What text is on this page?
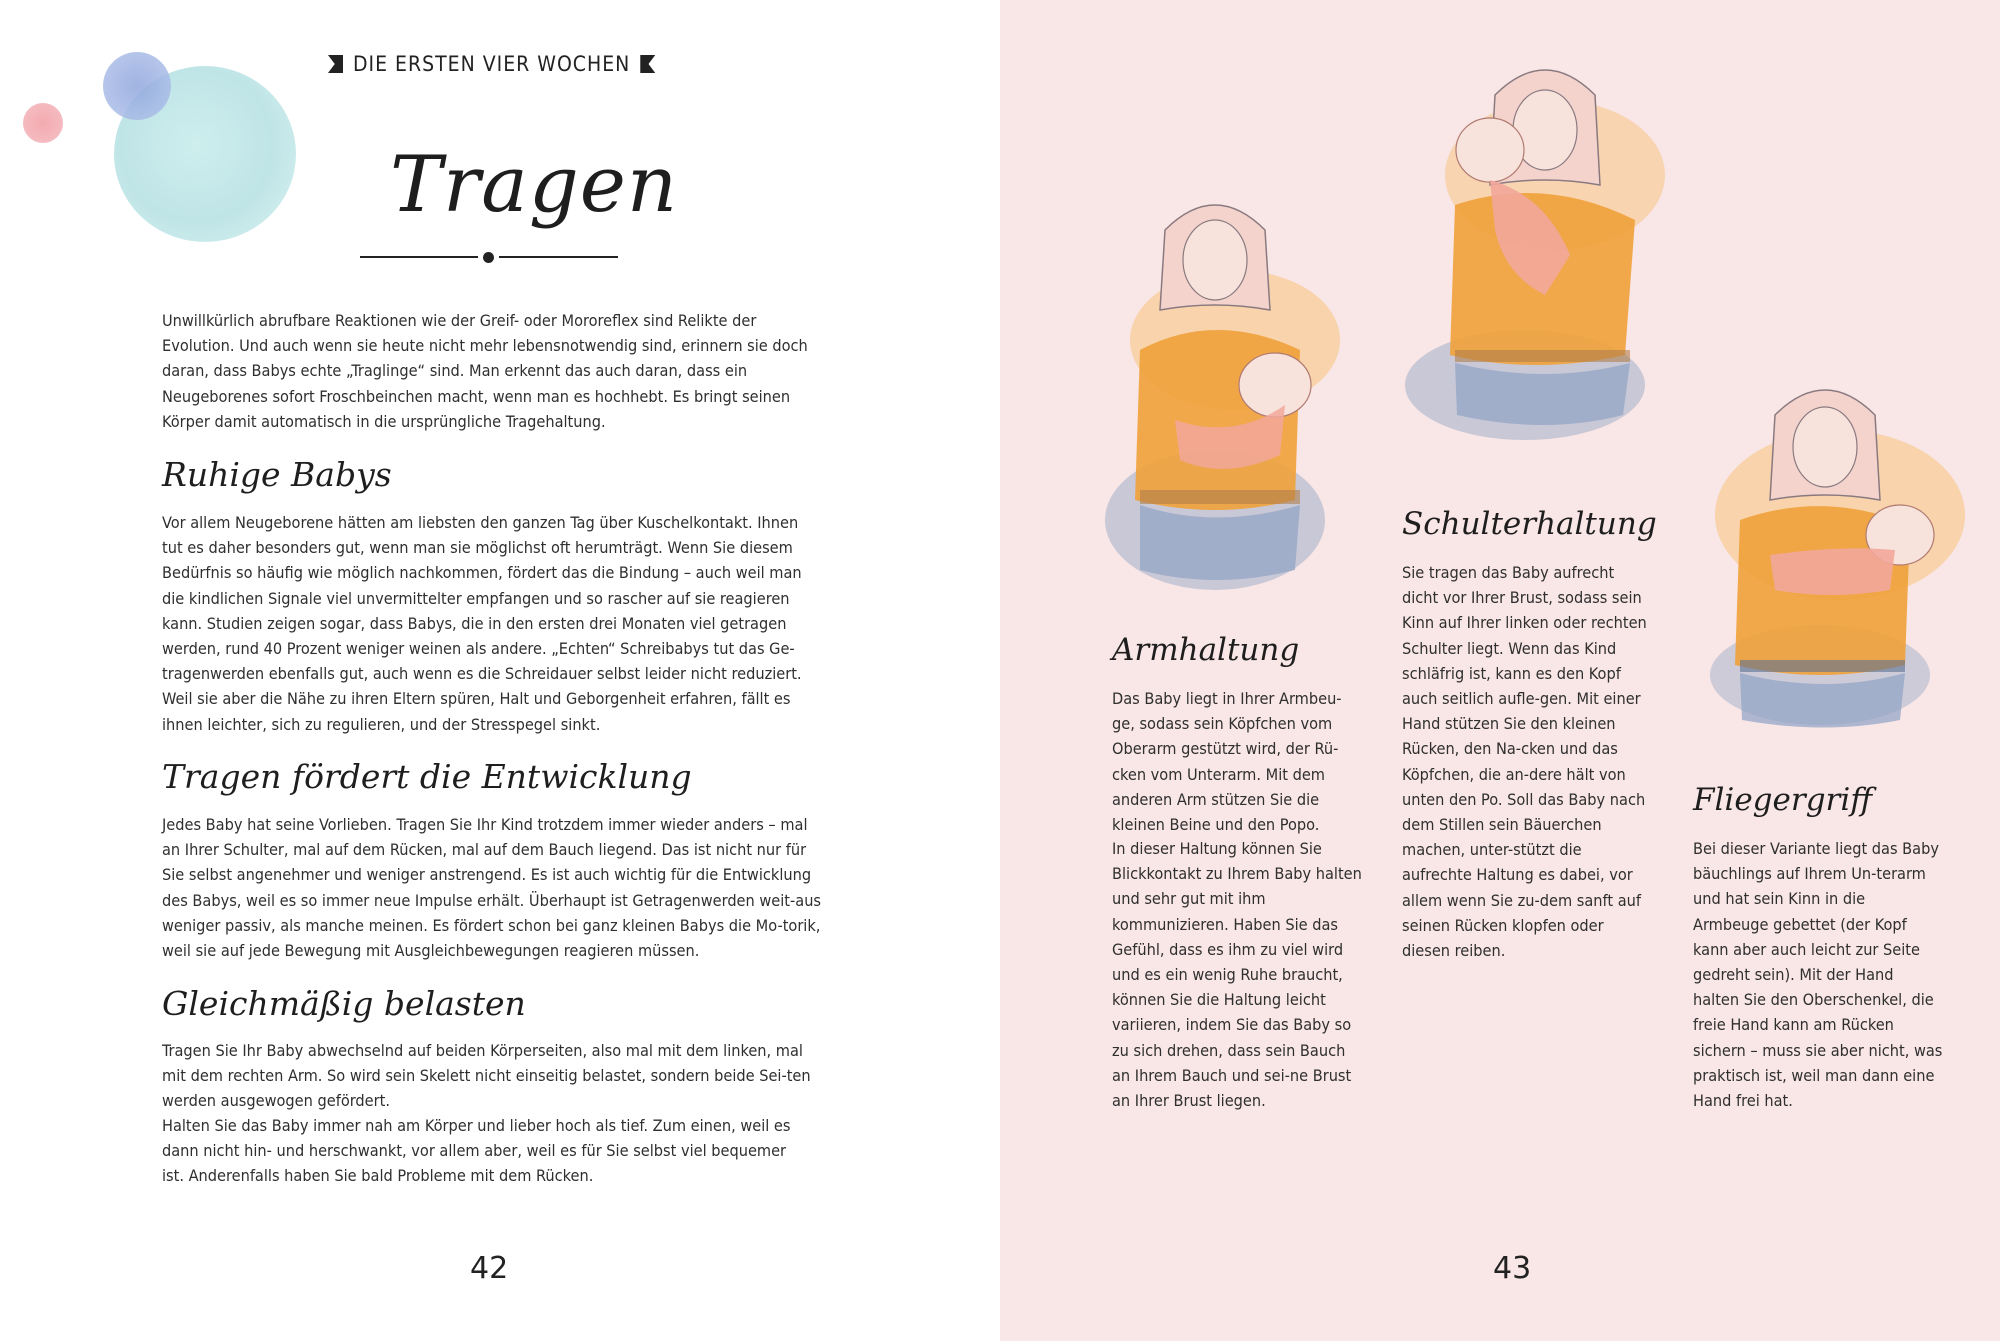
DIE ERSTEN VIER WOCHEN
Tragen

Unwillkürlich abrufbare Reaktionen wie der Greif- oder Mororeflex sind Relikte der Evolution. Und auch wenn sie heute nicht mehr lebensnotwendig sind, erinnern sie doch daran, dass Babys echte „Traglinge“ sind. Man erkennt das auch daran, dass ein Neugeborenes sofort Froschbeinchen macht, wenn man es hochhebt. Es bringt seinen Körper damit automatisch in die ursprüngliche Tragehaltung.

Ruhige Babys

Vor allem Neugeborene hätten am liebsten den ganzen Tag über Kuschelkontakt. Ihnen tut es daher besonders gut, wenn man sie möglichst oft herumträgt. Wenn Sie diesem Bedürfnis so häufig wie möglich nachkommen, fördert das die Bindung – auch weil man die kindlichen Signale viel unvermittelter empfangen und so rascher auf sie reagieren kann. Studien zeigen sogar, dass Babys, die in den ersten drei Monaten viel getragen werden, rund 40 Prozent weniger weinen als andere. „Echten“ Schreibabys tut das Ge-tragenwerden ebenfalls gut, auch wenn es die Schreidauer selbst leider nicht reduziert. Weil sie aber die Nähe zu ihren Eltern spüren, Halt und Geborgenheit erfahren, fällt es ihnen leichter, sich zu regulieren, und der Stresspegel sinkt.

Tragen fördert die Entwicklung

Jedes Baby hat seine Vorlieben. Tragen Sie Ihr Kind trotzdem immer wieder anders – mal an Ihrer Schulter, mal auf dem Rücken, mal auf dem Bauch liegend. Das ist nicht nur für Sie selbst angenehmer und weniger anstrengend. Es ist auch wichtig für die Entwicklung des Babys, weil es so immer neue Impulse erhält. Überhaupt ist Getragenwerden weit-aus weniger passiv, als manche meinen. Es fördert schon bei ganz kleinen Babys die Mo-torik, weil sie auf jede Bewegung mit Ausgleichbewegungen reagieren müssen.

Gleichmäßig belasten

Tragen Sie Ihr Baby abwechselnd auf beiden Körperseiten, also mal mit dem linken, mal mit dem rechten Arm. So wird sein Skelett nicht einseitig belastet, sondern beide Sei-ten werden ausgewogen gefördert.

Halten Sie das Baby immer nah am Körper und lieber hoch als tief. Zum einen, weil es dann nicht hin- und herschwankt, vor allem aber, weil es für Sie selbst viel bequemer ist. Anderenfalls haben Sie bald Probleme mit dem Rücken.

42
Armhaltung

Das Baby liegt in Ihrer Armbeu-ge, sodass sein Köpfchen vom Oberarm gestützt wird, der Rü-cken vom Unterarm. Mit dem anderen Arm stützen Sie die kleinen Beine und den Popo.

In dieser Haltung können Sie Blickkontakt zu Ihrem Baby halten und sehr gut mit ihm kommunizieren. Haben Sie das Gefühl, dass es ihm zu viel wird und es ein wenig Ruhe braucht, können Sie die Haltung leicht variieren, indem Sie das Baby so zu sich drehen, dass sein Bauch an Ihrem Bauch und sei-ne Brust an Ihrer Brust liegen.

Schulterhaltung

Sie tragen das Baby aufrecht dicht vor Ihrer Brust, sodass sein Kinn auf Ihrer linken oder rechten Schulter liegt. Wenn das Kind schläfrig ist, kann es den Kopf auch seitlich aufle-gen. Mit einer Hand stützen Sie den kleinen Rücken, den Na-cken und das Köpfchen, die an-dere hält von unten den Po. Soll das Baby nach dem Stillen sein Bäuerchen machen, unter-stützt die aufrechte Haltung es dabei, vor allem wenn Sie zu-dem sanft auf seinen Rücken klopfen oder diesen reiben.

Fliegergriff

Bei dieser Variante liegt das Baby bäuchlings auf Ihrem Un-terarm und hat sein Kinn in die Armbeuge gebettet (der Kopf kann aber auch leicht zur Seite gedreht sein). Mit der Hand halten Sie den Oberschenkel, die freie Hand kann am Rücken sichern – muss sie aber nicht, was praktisch ist, weil man dann eine Hand frei hat.

43
